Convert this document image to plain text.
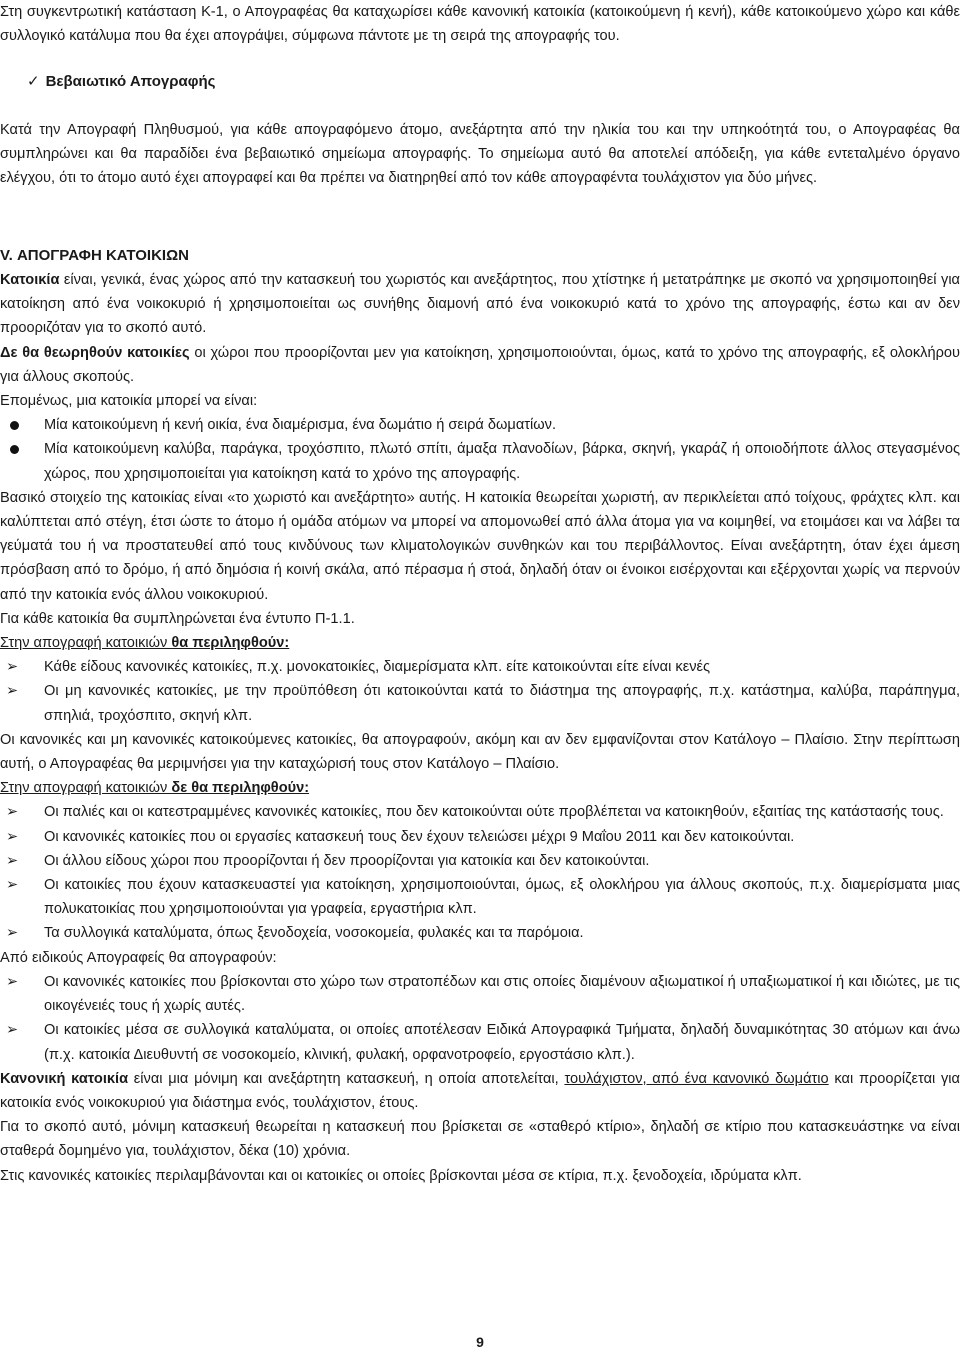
Στη συγκεντρωτική κατάσταση Κ-1, ο Απογραφέας θα καταχωρίσει κάθε κανονική κατοικία (κατοικούμενη ή κενή), κάθε κατοικούμενο χώρο και κάθε συλλογικό κατάλυμα που θα έχει απογράψει, σύμφωνα πάντοτε με τη σειρά της απογραφής του.

✓ Βεβαιωτικό Απογραφής

Κατά την Απογραφή Πληθυσμού, για κάθε απογραφόμενο άτομο, ανεξάρτητα από την ηλικία του και την υπηκοότητά του, ο Απογραφέας θα συμπληρώνει και θα παραδίδει ένα βεβαιωτικό σημείωμα απογραφής. Το σημείωμα αυτό θα αποτελεί απόδειξη, για κάθε εντεταλμένο όργανο ελέγχου, ότι το άτομο αυτό έχει απογραφεί και θα πρέπει να διατηρηθεί από τον κάθε απογραφέντα τουλάχιστον για δύο μήνες.

V. ΑΠΟΓΡΑΦΗ ΚΑΤΟΙΚΙΩΝ

Κατοικία είναι, γενικά, ένας χώρος από την κατασκευή του χωριστός και ανεξάρτητος, που χτίστηκε ή μετατράπηκε με σκοπό να χρησιμοποιηθεί για κατοίκηση από ένα νοικοκυριό ή χρησιμοποιείται ως συνήθης διαμονή από ένα νοικοκυριό κατά το χρόνο της απογραφής, έστω και αν δεν προοριζόταν για το σκοπό αυτό.

Δε θα θεωρηθούν κατοικίες οι χώροι που προορίζονται μεν για κατοίκηση, χρησιμοποιούνται, όμως, κατά το χρόνο της απογραφής, εξ ολοκλήρου για άλλους σκοπούς.

Επομένως, μια κατοικία μπορεί να είναι:

Μία κατοικούμενη ή κενή οικία, ένα διαμέρισμα, ένα δωμάτιο ή σειρά δωματίων.
Μία κατοικούμενη καλύβα, παράγκα, τροχόσπιτο, πλωτό σπίτι, άμαξα πλανοδίων, βάρκα, σκηνή, γκαράζ ή οποιοδήποτε άλλος στεγασμένος χώρος, που χρησιμοποιείται για κατοίκηση κατά το χρόνο της απογραφής.

Βασικό στοιχείο της κατοικίας είναι «το χωριστό και ανεξάρτητο» αυτής. Η κατοικία θεωρείται χωριστή, αν περικλείεται από τοίχους, φράχτες κλπ. και καλύπτεται από στέγη, έτσι ώστε το άτομο ή ομάδα ατόμων να μπορεί να απομονωθεί από άλλα άτομα για να κοιμηθεί, να ετοιμάσει και να λάβει τα γεύματά του ή να προστατευθεί από τους κινδύνους των κλιματολογικών συνθηκών και του περιβάλλοντος. Είναι ανεξάρτητη, όταν έχει άμεση πρόσβαση από το δρόμο, ή από δημόσια ή κοινή σκάλα, από πέρασμα ή στοά, δηλαδή όταν οι ένοικοι εισέρχονται και εξέρχονται χωρίς να περνούν από την κατοικία ενός άλλου νοικοκυριού.

Για κάθε κατοικία θα συμπληρώνεται ένα έντυπο Π-1.1.

Στην απογραφή κατοικιών θα περιληφθούν:

➢ Κάθε είδους κανονικές κατοικίες, π.χ. μονοκατοικίες, διαμερίσματα κλπ. είτε κατοικούνται είτε είναι κενές
➢ Οι μη κανονικές κατοικίες, με την προϋπόθεση ότι κατοικούνται κατά το διάστημα της απογραφής, π.χ. κατάστημα, καλύβα, παράπηγμα, σπηλιά, τροχόσπιτο, σκηνή κλπ.

Οι κανονικές και μη κανονικές κατοικούμενες κατοικίες, θα απογραφούν, ακόμη και αν δεν εμφανίζονται στον Κατάλογο – Πλαίσιο. Στην περίπτωση αυτή, ο Απογραφέας θα μεριμνήσει για την καταχώρισή τους στον Κατάλογο – Πλαίσιο.

Στην απογραφή κατοικιών δε θα περιληφθούν:

➢ Οι παλιές και οι κατεστραμμένες κανονικές κατοικίες, που δεν κατοικούνται ούτε προβλέπεται να κατοικηθούν, εξαιτίας της κατάστασής τους.
➢ Οι κανονικές κατοικίες που οι εργασίες κατασκευή τους δεν έχουν τελειώσει μέχρι 9 Μαΐου 2011 και δεν κατοικούνται.
➢ Οι άλλου είδους χώροι που προορίζονται ή δεν προορίζονται για κατοικία και δεν κατοικούνται.
➢ Οι κατοικίες που έχουν κατασκευαστεί για κατοίκηση, χρησιμοποιούνται, όμως, εξ ολοκλήρου για άλλους σκοπούς, π.χ. διαμερίσματα μιας πολυκατοικίας που χρησιμοποιούνται για γραφεία, εργαστήρια κλπ.
➢ Τα συλλογικά καταλύματα, όπως ξενοδοχεία, νοσοκομεία, φυλακές και τα παρόμοια.

Από ειδικούς Απογραφείς θα απογραφούν:

➢ Οι κανονικές κατοικίες που βρίσκονται στο χώρο των στρατοπέδων και στις οποίες διαμένουν αξιωματικοί ή υπαξιωματικοί ή και ιδιώτες, με τις οικογένειές τους ή χωρίς αυτές.
➢ Οι κατοικίες μέσα σε συλλογικά καταλύματα, οι οποίες αποτέλεσαν Ειδικά Απογραφικά Τμήματα, δηλαδή δυναμικότητας 30 ατόμων και άνω (π.χ. κατοικία Διευθυντή σε νοσοκομείο, κλινική, φυλακή, ορφανοτροφείο, εργοστάσιο κλπ.).

Κανονική κατοικία είναι μια μόνιμη και ανεξάρτητη κατασκευή, η οποία αποτελείται, τουλάχιστον, από ένα κανονικό δωμάτιο και προορίζεται για κατοικία ενός νοικοκυριού για διάστημα ενός, τουλάχιστον, έτους.

Για το σκοπό αυτό, μόνιμη κατασκευή θεωρείται η κατασκευή που βρίσκεται σε «σταθερό κτίριο», δηλαδή σε κτίριο που κατασκευάστηκε να είναι σταθερά δομημένο για, τουλάχιστον, δέκα (10) χρόνια.

Στις κανονικές κατοικίες περιλαμβάνονται και οι κατοικίες οι οποίες βρίσκονται μέσα σε κτίρια, π.χ. ξενοδοχεία, ιδρύματα κλπ.

9
